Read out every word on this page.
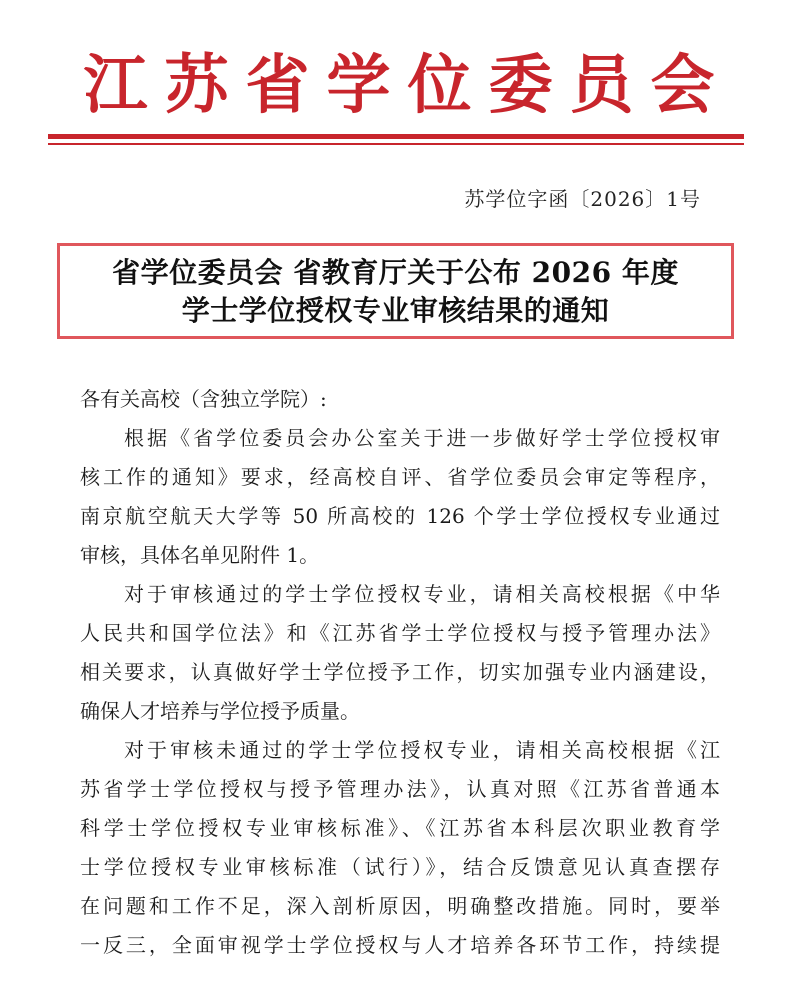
江苏省学位委员会
苏学位字函〔2026〕1号
省学位委员会 省教育厅关于公布 2026 年度
学士学位授权专业审核结果的通知

各有关高校（含独立学院）:

根据《省学位委员会办公室关于进一步做好学士学位授权审
核工作的通知》要求，经高校自评、省学位委员会审定等程序，
南京航空航天大学等 50 所高校的 126 个学士学位授权专业通过
审核，具体名单见附件 1。

对于审核通过的学士学位授权专业，请相关高校根据《中华
人民共和国学位法》和《江苏省学士学位授权与授予管理办法》
相关要求，认真做好学士学位授予工作，切实加强专业内涵建设，
确保人才培养与学位授予质量。

对于审核未通过的学士学位授权专业，请相关高校根据《江
苏省学士学位授权与授予管理办法》，认真对照《江苏省普通本
科学士学位授权专业审核标准》、《江苏省本科层次职业教育学
士学位授权专业审核标准（试行）》，结合反馈意见认真查摆存
在问题和工作不足，深入剖析原因，明确整改措施。同时，要举
一反三，全面审视学士学位授权与人才培养各环节工作，持续提
